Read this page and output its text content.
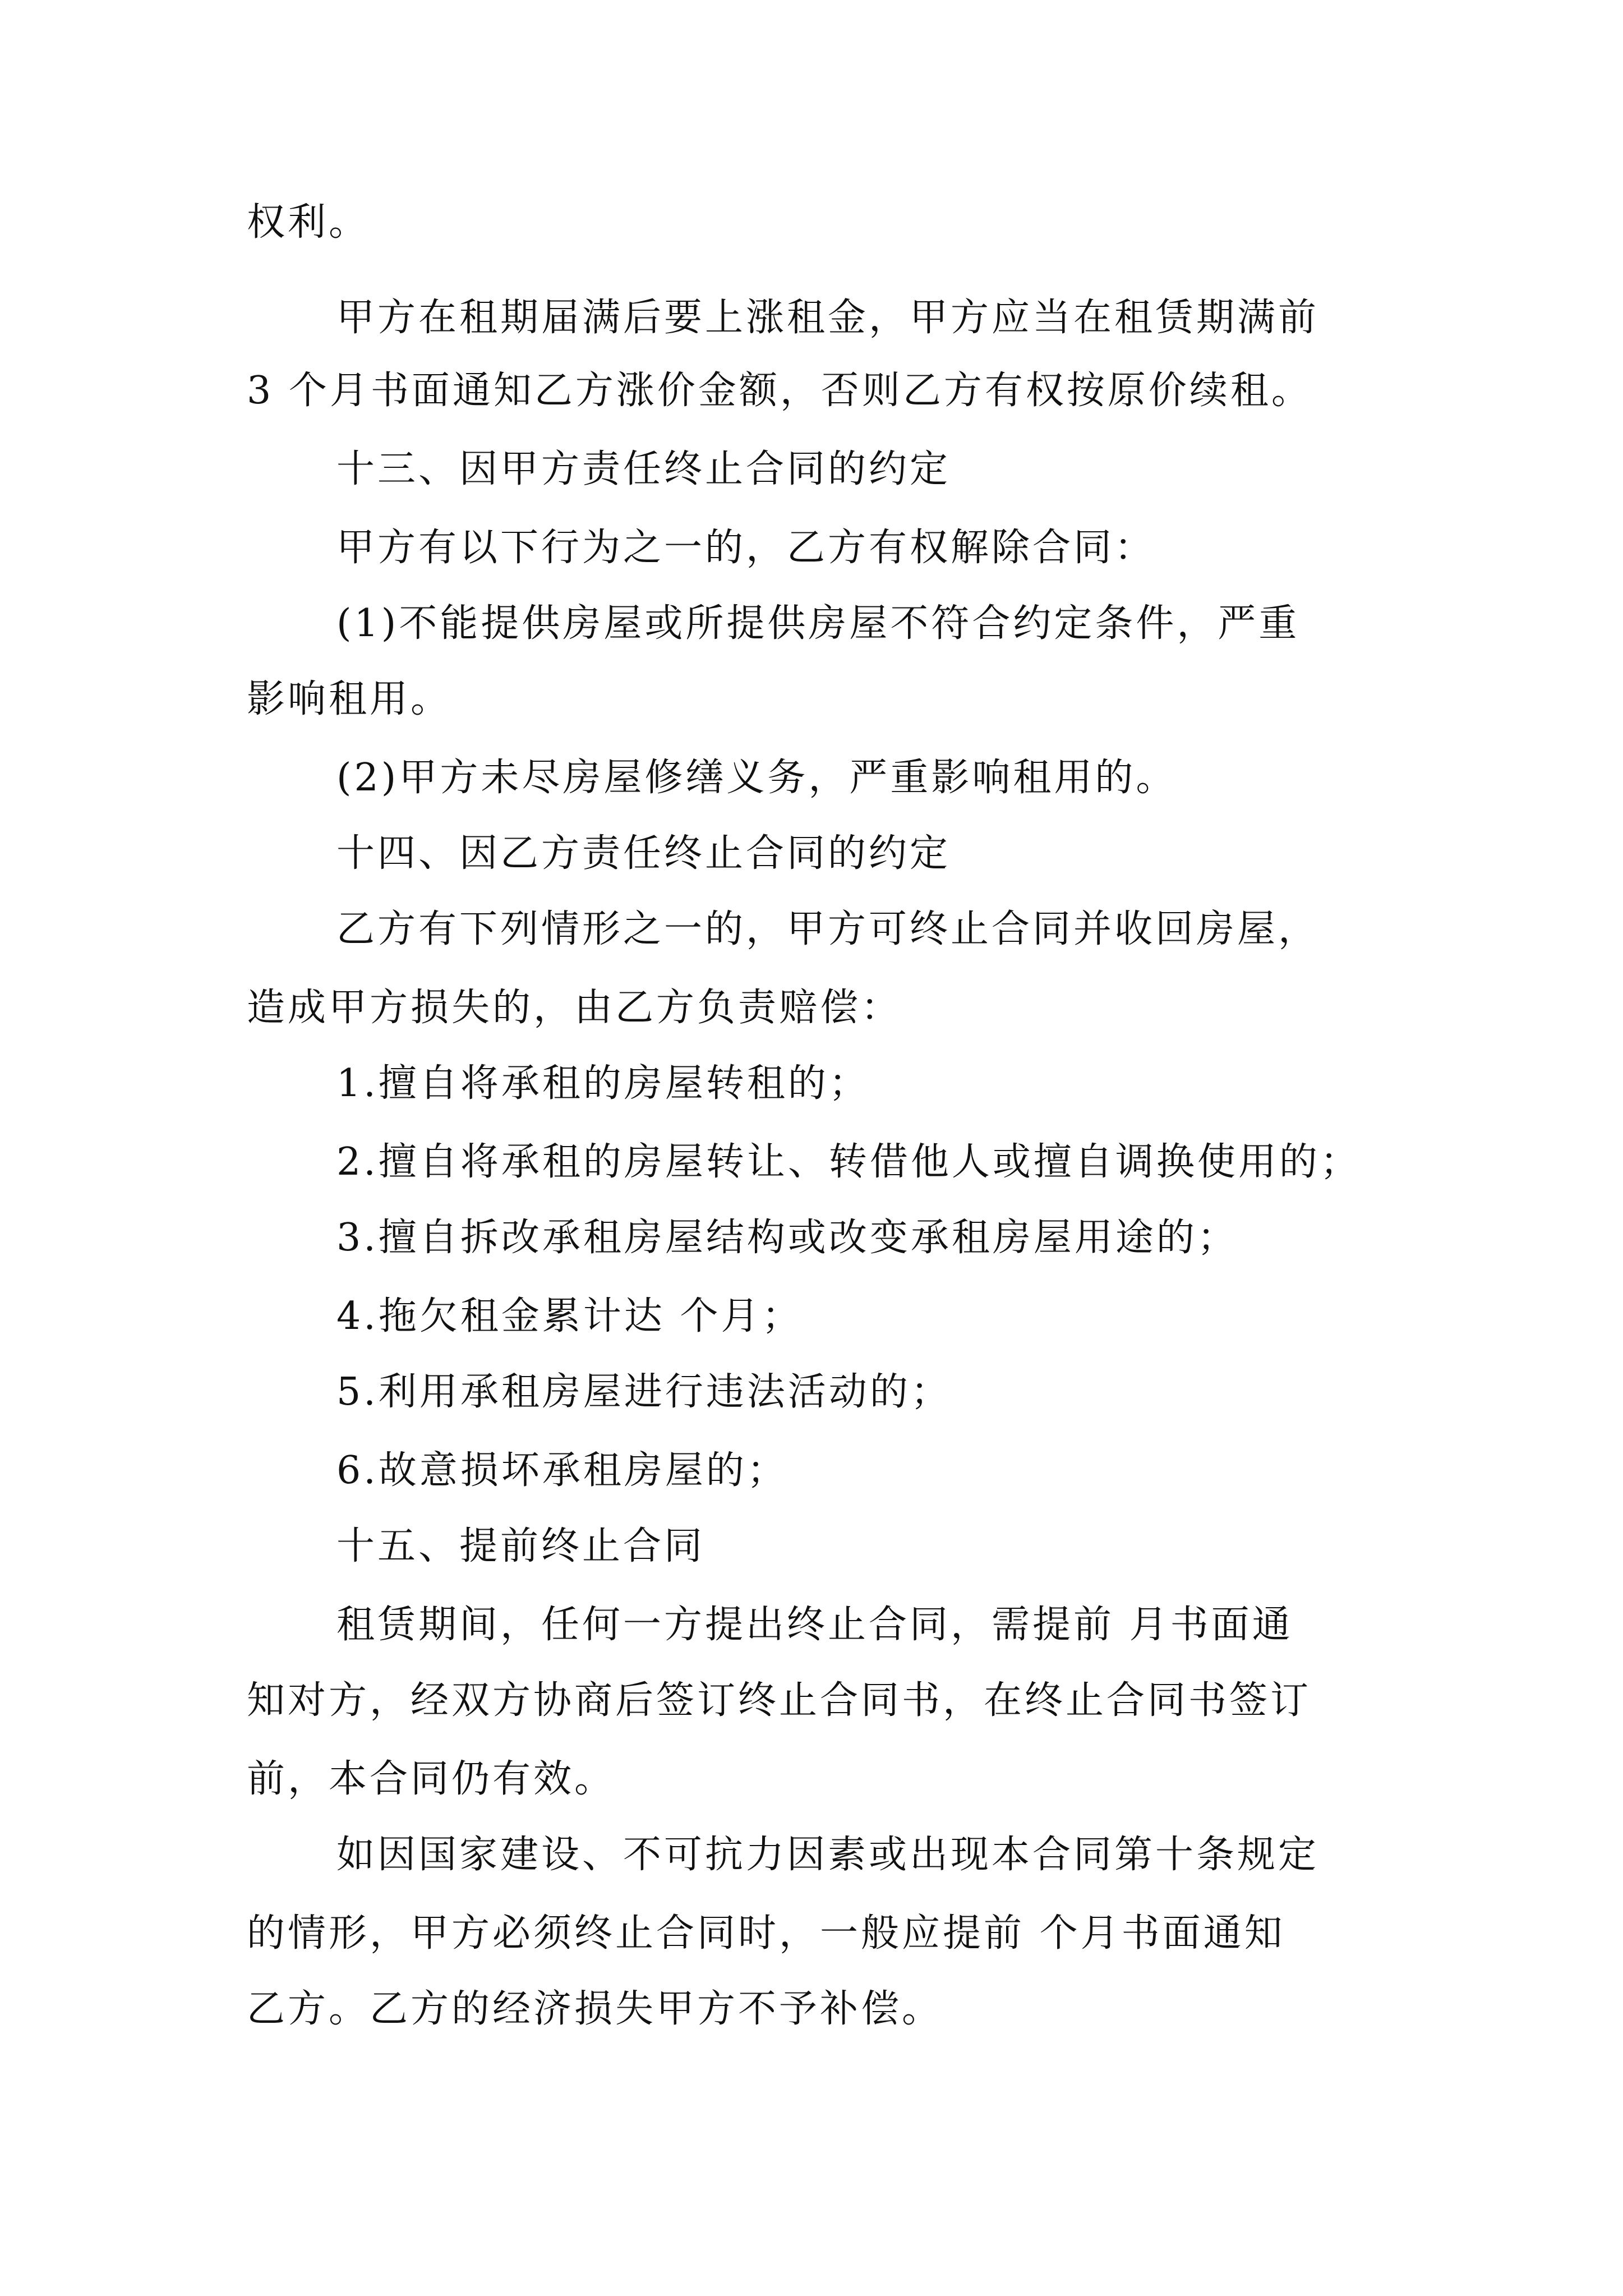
权利。
甲方在租期届满后要上涨租金，甲方应当在租赁期满前
3 个月书面通知乙方涨价金额，否则乙方有权按原价续租。
十三、因甲方责任终止合同的约定
甲方有以下行为之一的，乙方有权解除合同：
(1)不能提供房屋或所提供房屋不符合约定条件，严重
影响租用。
(2)甲方未尽房屋修缮义务，严重影响租用的。
十四、因乙方责任终止合同的约定
乙方有下列情形之一的，甲方可终止合同并收回房屋，
造成甲方损失的，由乙方负责赔偿：
1.擅自将承租的房屋转租的；
2.擅自将承租的房屋转让、转借他人或擅自调换使用的；
3.擅自拆改承租房屋结构或改变承租房屋用途的；
4.拖欠租金累计达 个月；
5.利用承租房屋进行违法活动的；
6.故意损坏承租房屋的；
十五、提前终止合同
租赁期间，任何一方提出终止合同，需提前 月书面通
知对方，经双方协商后签订终止合同书，在终止合同书签订
前，本合同仍有效。
如因国家建设、不可抗力因素或出现本合同第十条规定
的情形，甲方必须终止合同时，一般应提前 个月书面通知
乙方。乙方的经济损失甲方不予补偿。
